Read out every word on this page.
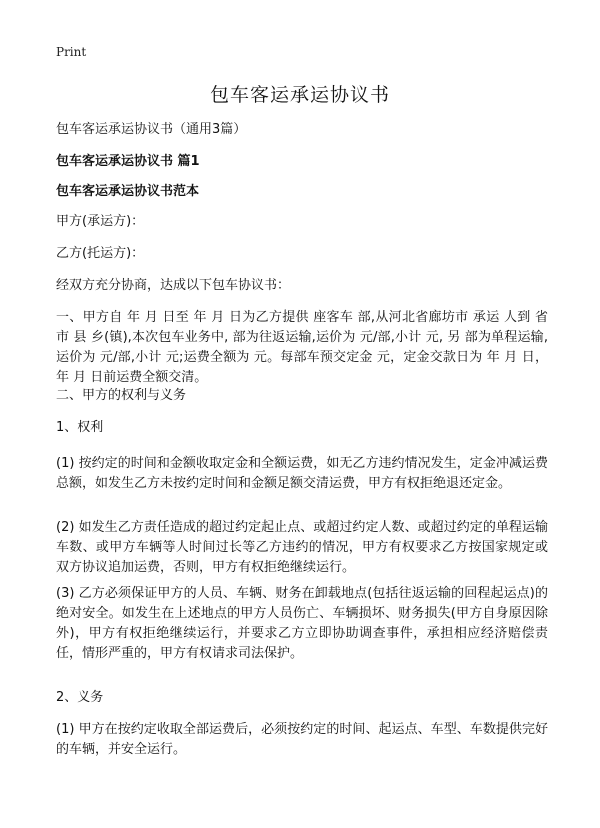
Print
包车客运承运协议书

包车客运承运协议书（通用3篇）

包车客运承运协议书 篇1

包车客运承运协议书范本

甲方(承运方)：

乙方(托运方)：

经双方充分协商，达成以下包车协议书：

一、甲方自 年 月 日至 年 月 日为乙方提供 座客车 部,从河北省廊坊市 承运 人到 省 市 县 乡(镇),本次包车业务中, 部为往返运输,运价为 元/部,小计 元, 另 部为单程运输,运价为 元/部,小计 元;运费全额为 元。每部车预交定金 元，定金交款日为 年 月 日，年 月 日前运费全额交清。

二、甲方的权利与义务

1、权利

(1) 按约定的时间和金额收取定金和全额运费，如无乙方违约情况发生，定金冲减运费总额，如发生乙方未按约定时间和金额足额交清运费，甲方有权拒绝退还定金。

(2) 如发生乙方责任造成的超过约定起止点、或超过约定人数、或超过约定的单程运输车数、或甲方车辆等人时间过长等乙方违约的情况，甲方有权要求乙方按国家规定或双方协议追加运费，否则，甲方有权拒绝继续运行。

(3) 乙方必须保证甲方的人员、车辆、财务在卸载地点(包括往返运输的回程起运点)的绝对安全。如发生在上述地点的甲方人员伤亡、车辆损坏、财务损失(甲方自身原因除外)，甲方有权拒绝继续运行，并要求乙方立即协助调查事件，承担相应经济赔偿责任，情形严重的，甲方有权请求司法保护。

2、义务

(1) 甲方在按约定收取全部运费后，必须按约定的时间、起运点、车型、车数提供完好的车辆，并安全运行。
